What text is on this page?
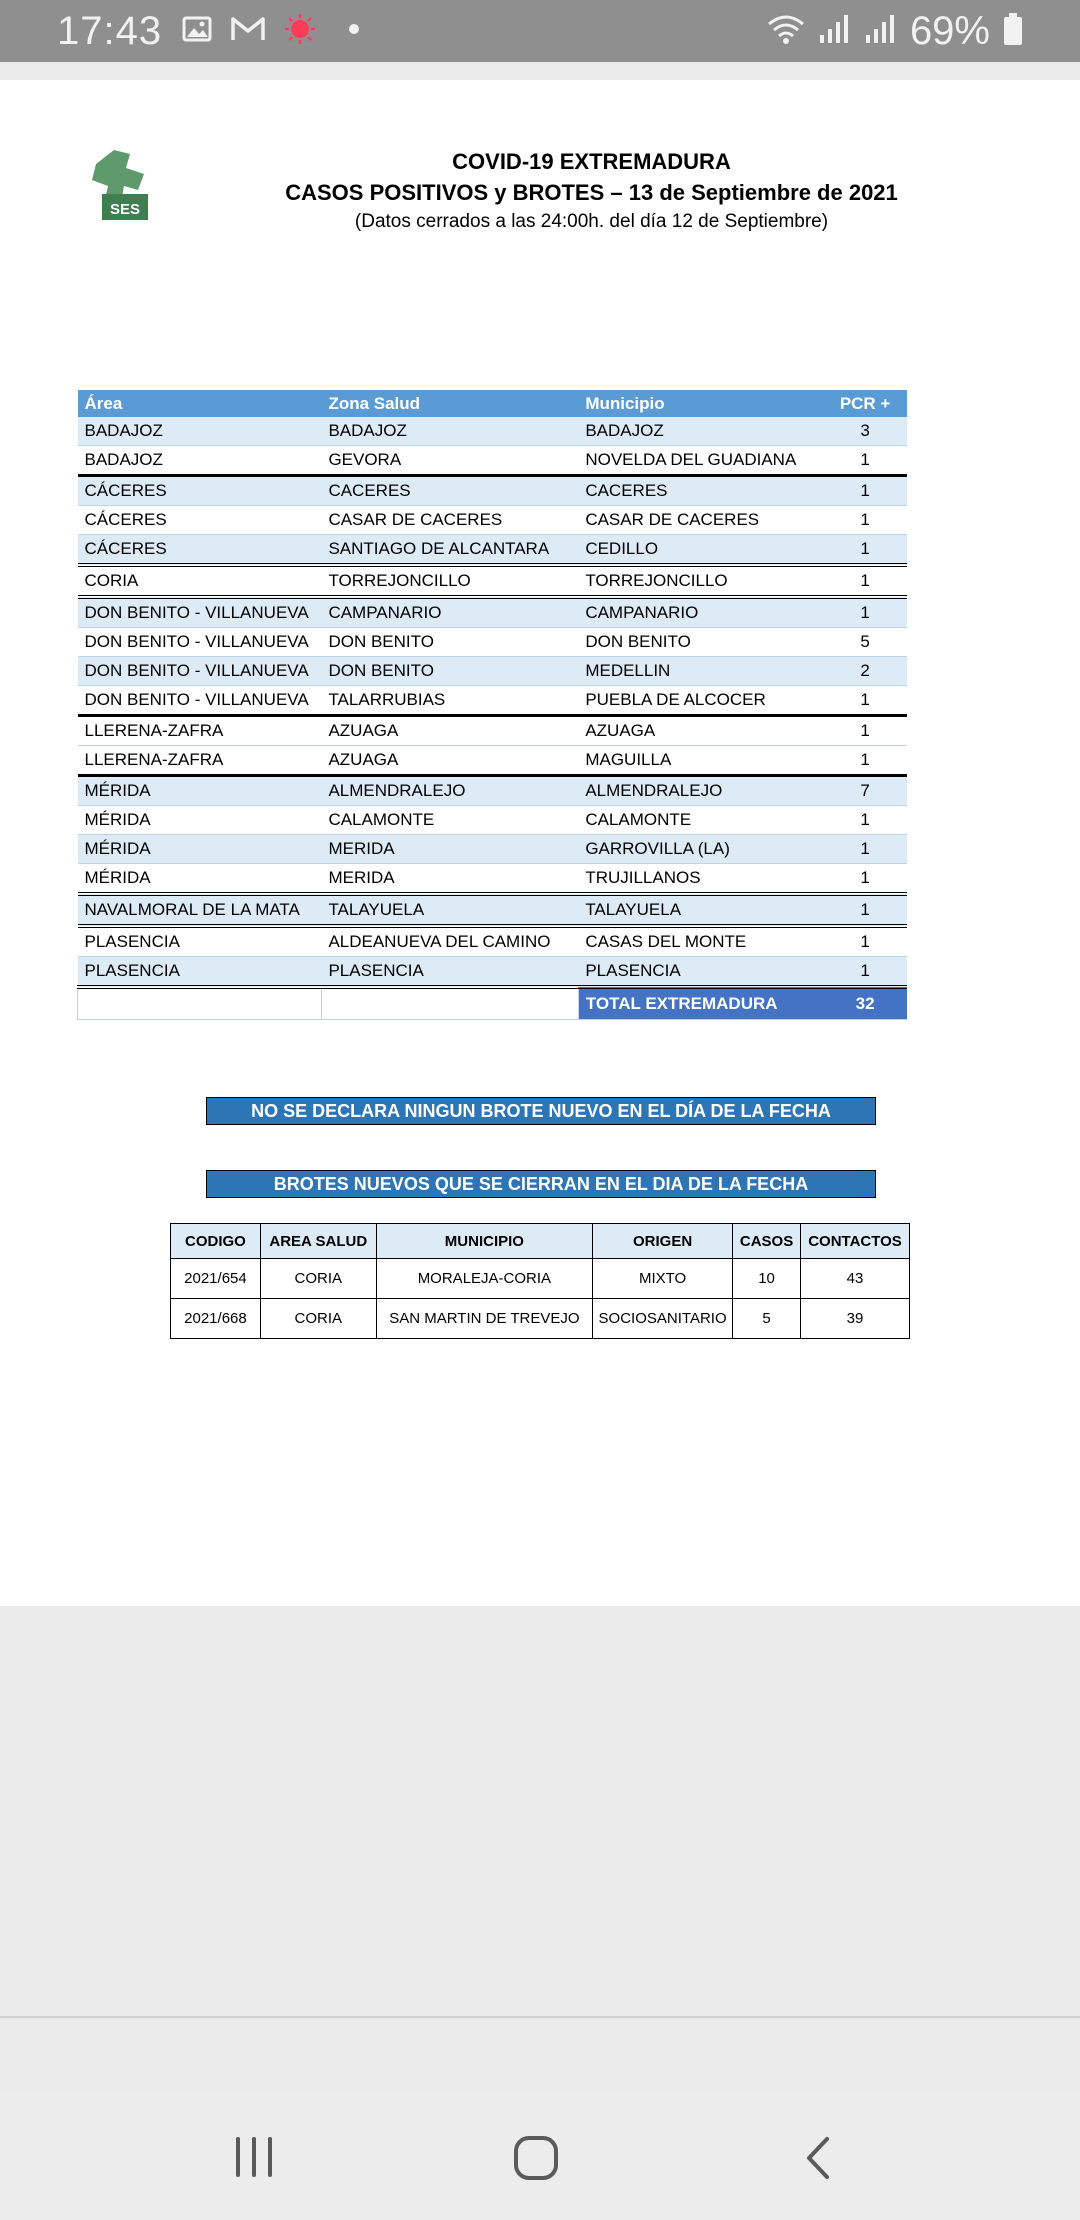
17:43	69%
SES
COVID-19 EXTREMADURA
CASOS POSITIVOS y BROTES – 13 de Septiembre de 2021
(Datos cerrados a las 24:00h. del día 12 de Septiembre)
Área	Zona Salud	Municipio	PCR +
BADAJOZ	BADAJOZ	BADAJOZ	3
BADAJOZ	GEVORA	NOVELDA DEL GUADIANA	1
CÁCERES	CACERES	CACERES	1
CÁCERES	CASAR DE CACERES	CASAR DE CACERES	1
CÁCERES	SANTIAGO DE ALCANTARA	CEDILLO	1
CORIA	TORREJONCILLO	TORREJONCILLO	1
DON BENITO - VILLANUEVA	CAMPANARIO	CAMPANARIO	1
DON BENITO - VILLANUEVA	DON BENITO	DON BENITO	5
DON BENITO - VILLANUEVA	DON BENITO	MEDELLIN	2
DON BENITO - VILLANUEVA	TALARRUBIAS	PUEBLA DE ALCOCER	1
LLERENA-ZAFRA	AZUAGA	AZUAGA	1
LLERENA-ZAFRA	AZUAGA	MAGUILLA	1
MÉRIDA	ALMENDRALEJO	ALMENDRALEJO	7
MÉRIDA	CALAMONTE	CALAMONTE	1
MÉRIDA	MERIDA	GARROVILLA (LA)	1
MÉRIDA	MERIDA	TRUJILLANOS	1
NAVALMORAL DE LA MATA	TALAYUELA	TALAYUELA	1
PLASENCIA	ALDEANUEVA DEL CAMINO	CASAS DEL MONTE	1
PLASENCIA	PLASENCIA	PLASENCIA	1
		TOTAL EXTREMADURA	32
NO SE DECLARA NINGUN BROTE NUEVO EN EL DÍA DE LA FECHA
BROTES NUEVOS QUE SE CIERRAN EN EL DIA DE LA FECHA
CODIGO	AREA SALUD	MUNICIPIO	ORIGEN	CASOS	CONTACTOS
2021/654	CORIA	MORALEJA-CORIA	MIXTO	10	43
2021/668	CORIA	SAN MARTIN DE TREVEJO	SOCIOSANITARIO	5	39
